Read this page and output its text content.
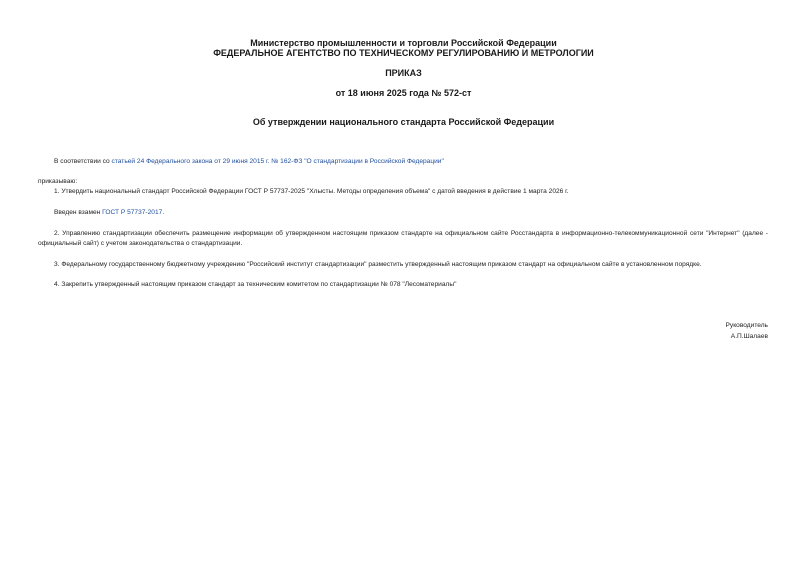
Министерство промышленности и торговли Российской Федерации
ФЕДЕРАЛЬНОЕ АГЕНТСТВО ПО ТЕХНИЧЕСКОМУ РЕГУЛИРОВАНИЮ И МЕТРОЛОГИИ
ПРИКАЗ
от 18 июня 2025 года № 572-ст
Об утверждении национального стандарта Российской Федерации
В соответствии со статьей 24 Федерального закона от 29 июня 2015 г. № 162-ФЗ "О стандартизации в Российской Федерации"
приказываю:
1. Утвердить национальный стандарт Российской Федерации ГОСТ Р 57737-2025 "Хлысты. Методы определения объема" с датой введения в действие 1 марта 2026 г.
Введен взамен ГОСТ Р 57737-2017.
2. Управлению стандартизации обеспечить размещение информации об утвержденном настоящим приказом стандарте на официальном сайте Росстандарта в информационно-телекоммуникационной сети "Интернет" (далее - официальный сайт) с учетом законодательства о стандартизации.
3. Федеральному государственному бюджетному учреждению "Российский институт стандартизации" разместить утвержденный настоящим приказом стандарт на официальном сайте в установленном порядке.
4. Закрепить утвержденный настоящим приказом стандарт за техническим комитетом по стандартизации № 078 "Лесоматериалы"
Руководитель
А.П.Шалаев
